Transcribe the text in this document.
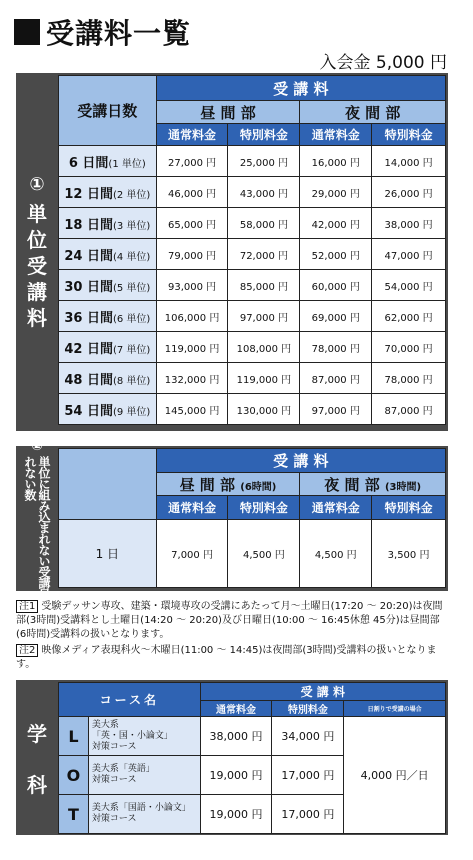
受講料一覧
入会金 5,000 円
①
単
位
受
講
料
受講日数	受 講 料			
	昼 間 部		夜 間 部	
	通常料金	特別料金	通常料金	特別料金
6 日間(1 単位)	27,000 円	25,000 円	16,000 円	14,000 円
12 日間(2 単位)	46,000 円	43,000 円	29,000 円	26,000 円
18 日間(3 単位)	65,000 円	58,000 円	42,000 円	38,000 円
24 日間(4 単位)	79,000 円	72,000 円	52,000 円	47,000 円
30 日間(5 単位)	93,000 円	85,000 円	60,000 円	54,000 円
36 日間(6 単位)	106,000 円	97,000 円	69,000 円	62,000 円
42 日間(7 単位)	119,000 円	108,000 円	78,000 円	70,000 円
48 日間(8 単位)	132,000 円	119,000 円	87,000 円	78,000 円
54 日間(9 単位)	145,000 円	130,000 円	97,000 円	87,000 円
②
単位に組み込まれない受講日
れない数
		受 講 料			
	昼 間 部 (6時間)		夜 間 部 (3時間)	
	通常料金	特別料金	通常料金	特別料金
1 日	7,000 円	4,500 円	4,500 円	3,500 円
注1 受験デッサン専攻、建築・環境専攻の受講にあたって月～土曜日(17:20 ～ 20:20)は夜間部(3時間)受講料とし土曜日(14:20 ～ 20:20)及び日曜日(10:00 ～ 16:45休憩 45分)は昼間部(6時間)受講料の扱いとなります。
注2 映像メディア表現科火～木曜日(11:00 ～ 14:45)は夜間部(3時間)受講料の扱いとなります。
学
科
コース名		受 講 料		
		通常料金	特別料金	日割りで受講の場合
L	美大系
「英・国・小論文」
対策コース	38,000 円	34,000 円	4,000 円／日
O	美大系「英語」
対策コース	19,000 円	17,000 円	
T	美大系「国語・小論文」
対策コース	19,000 円	17,000 円	
